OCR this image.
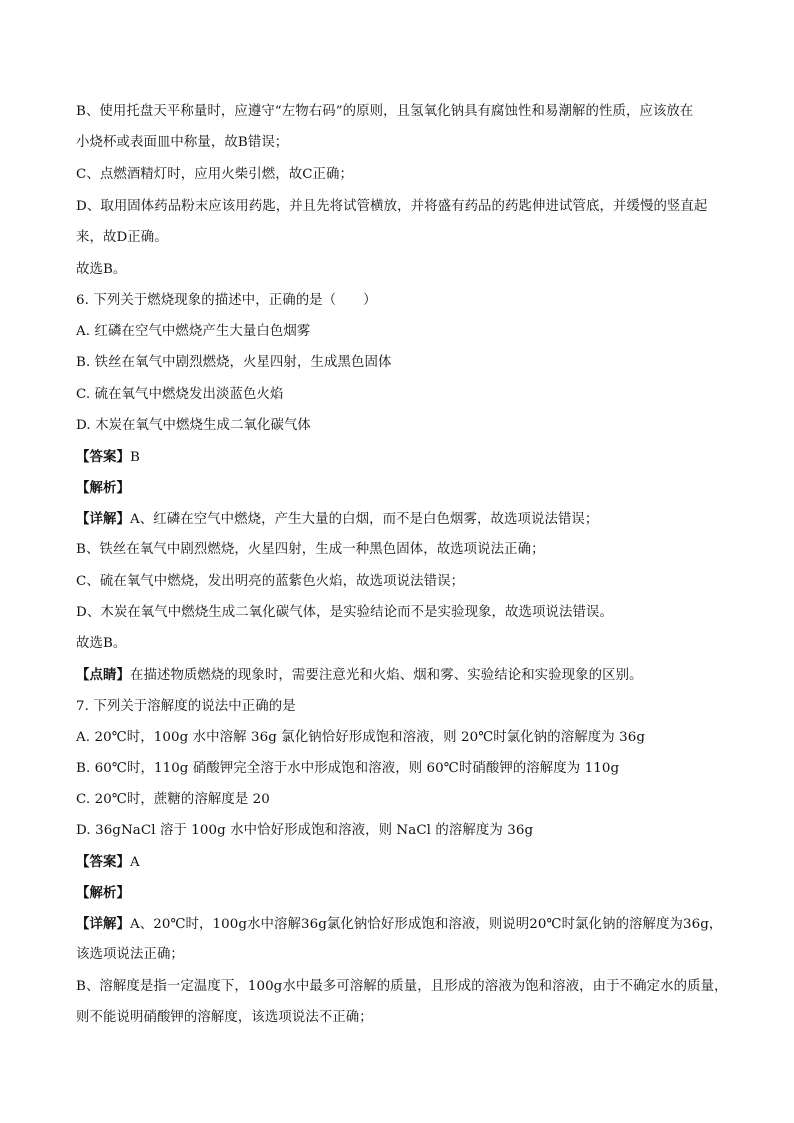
B、使用托盘天平称量时，应遵守“左物右码”的原则，且氢氧化钠具有腐蚀性和易潮解的性质，应该放在
小烧杯或表面皿中称量，故B错误；
C、点燃酒精灯时，应用火柴引燃，故C正确；
D、取用固体药品粉末应该用药匙，并且先将试管横放，并将盛有药品的药匙伸进试管底，并缓慢的竖直起
来，故D正确。
故选B。
6. 下列关于燃烧现象的描述中，正确的是（　　）
A. 红磷在空气中燃烧产生大量白色烟雾
B. 铁丝在氧气中剧烈燃烧，火星四射，生成黑色固体
C. 硫在氧气中燃烧发出淡蓝色火焰
D. 木炭在氧气中燃烧生成二氧化碳气体
【答案】B
【解析】
【详解】A、红磷在空气中燃烧，产生大量的白烟，而不是白色烟雾，故选项说法错误；
B、铁丝在氧气中剧烈燃烧，火星四射，生成一种黑色固体，故选项说法正确；
C、硫在氧气中燃烧，发出明亮的蓝紫色火焰，故选项说法错误；
D、木炭在氧气中燃烧生成二氧化碳气体，是实验结论而不是实验现象，故选项说法错误。
故选B。
【点睛】在描述物质燃烧的现象时，需要注意光和火焰、烟和雾、实验结论和实验现象的区别。
7. 下列关于溶解度的说法中正确的是
A. 20℃时，100g 水中溶解 36g 氯化钠恰好形成饱和溶液，则 20℃时氯化钠的溶解度为 36g
B. 60℃时，110g 硝酸钾完全溶于水中形成饱和溶液，则 60℃时硝酸钾的溶解度为 110g
C. 20℃时，蔗糖的溶解度是 20
D. 36gNaCl 溶于 100g 水中恰好形成饱和溶液，则 NaCl 的溶解度为 36g
【答案】A
【解析】
【详解】A、20℃时，100g水中溶解36g氯化钠恰好形成饱和溶液，则说明20℃时氯化钠的溶解度为36g，
该选项说法正确；
B、溶解度是指一定温度下，100g水中最多可溶解的质量，且形成的溶液为饱和溶液，由于不确定水的质量，
则不能说明硝酸钾的溶解度，该选项说法不正确；
